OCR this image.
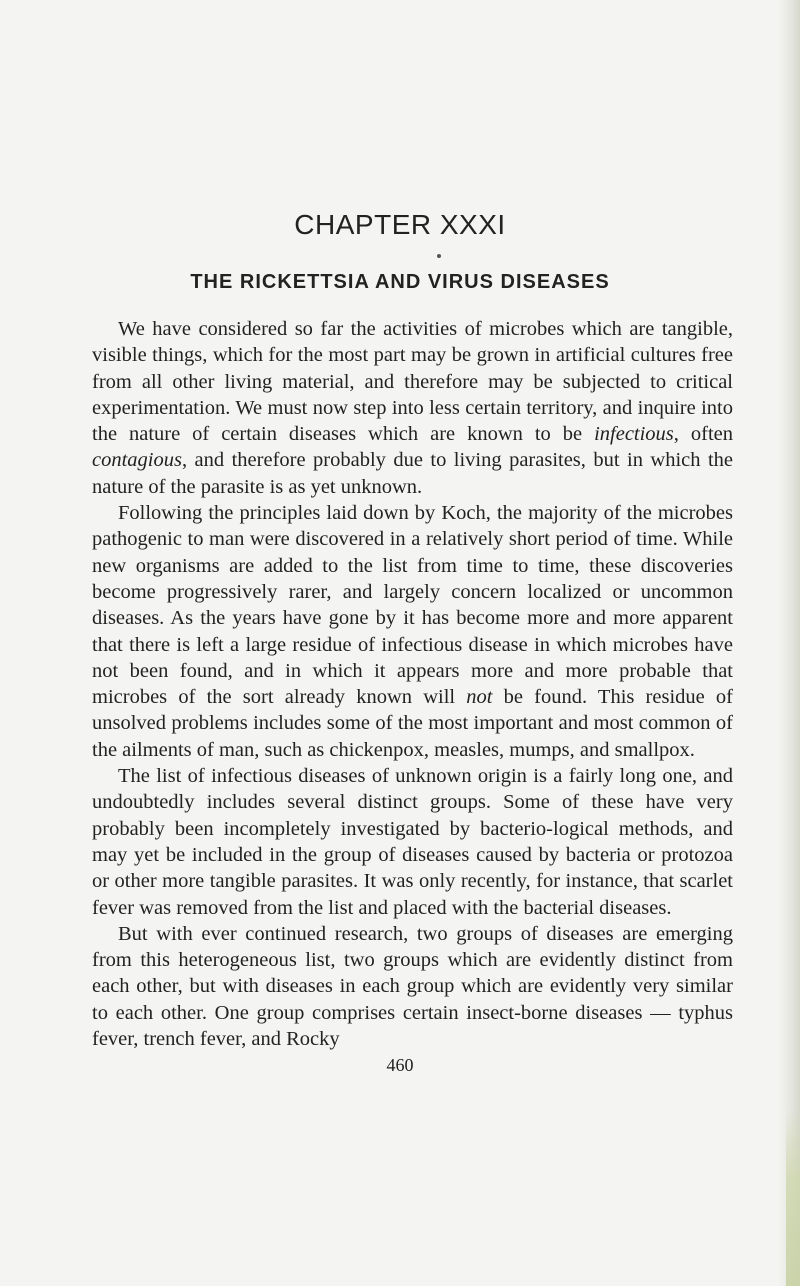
CHAPTER XXXI
THE RICKETTSIA AND VIRUS DISEASES

We have considered so far the activities of microbes which are tangible, visible things, which for the most part may be grown in artificial cultures free from all other living material, and therefore may be subjected to critical experimentation. We must now step into less certain territory, and inquire into the nature of certain diseases which are known to be infectious, often contagious, and therefore probably due to living parasites, but in which the nature of the parasite is as yet unknown.

Following the principles laid down by Koch, the majority of the microbes pathogenic to man were discovered in a relatively short period of time. While new organisms are added to the list from time to time, these discoveries become progressively rarer, and largely concern localized or uncommon diseases. As the years have gone by it has become more and more apparent that there is left a large residue of infectious disease in which microbes have not been found, and in which it appears more and more probable that microbes of the sort already known will not be found. This residue of unsolved problems includes some of the most important and most common of the ailments of man, such as chickenpox, measles, mumps, and smallpox.

The list of infectious diseases of unknown origin is a fairly long one, and undoubtedly includes several distinct groups. Some of these have very probably been incompletely investigated by bacterio-logical methods, and may yet be included in the group of diseases caused by bacteria or protozoa or other more tangible parasites. It was only recently, for instance, that scarlet fever was removed from the list and placed with the bacterial diseases.

But with ever continued research, two groups of diseases are emerging from this heterogeneous list, two groups which are evidently distinct from each other, but with diseases in each group which are evidently very similar to each other. One group comprises certain insect-borne diseases — typhus fever, trench fever, and Rocky

460
